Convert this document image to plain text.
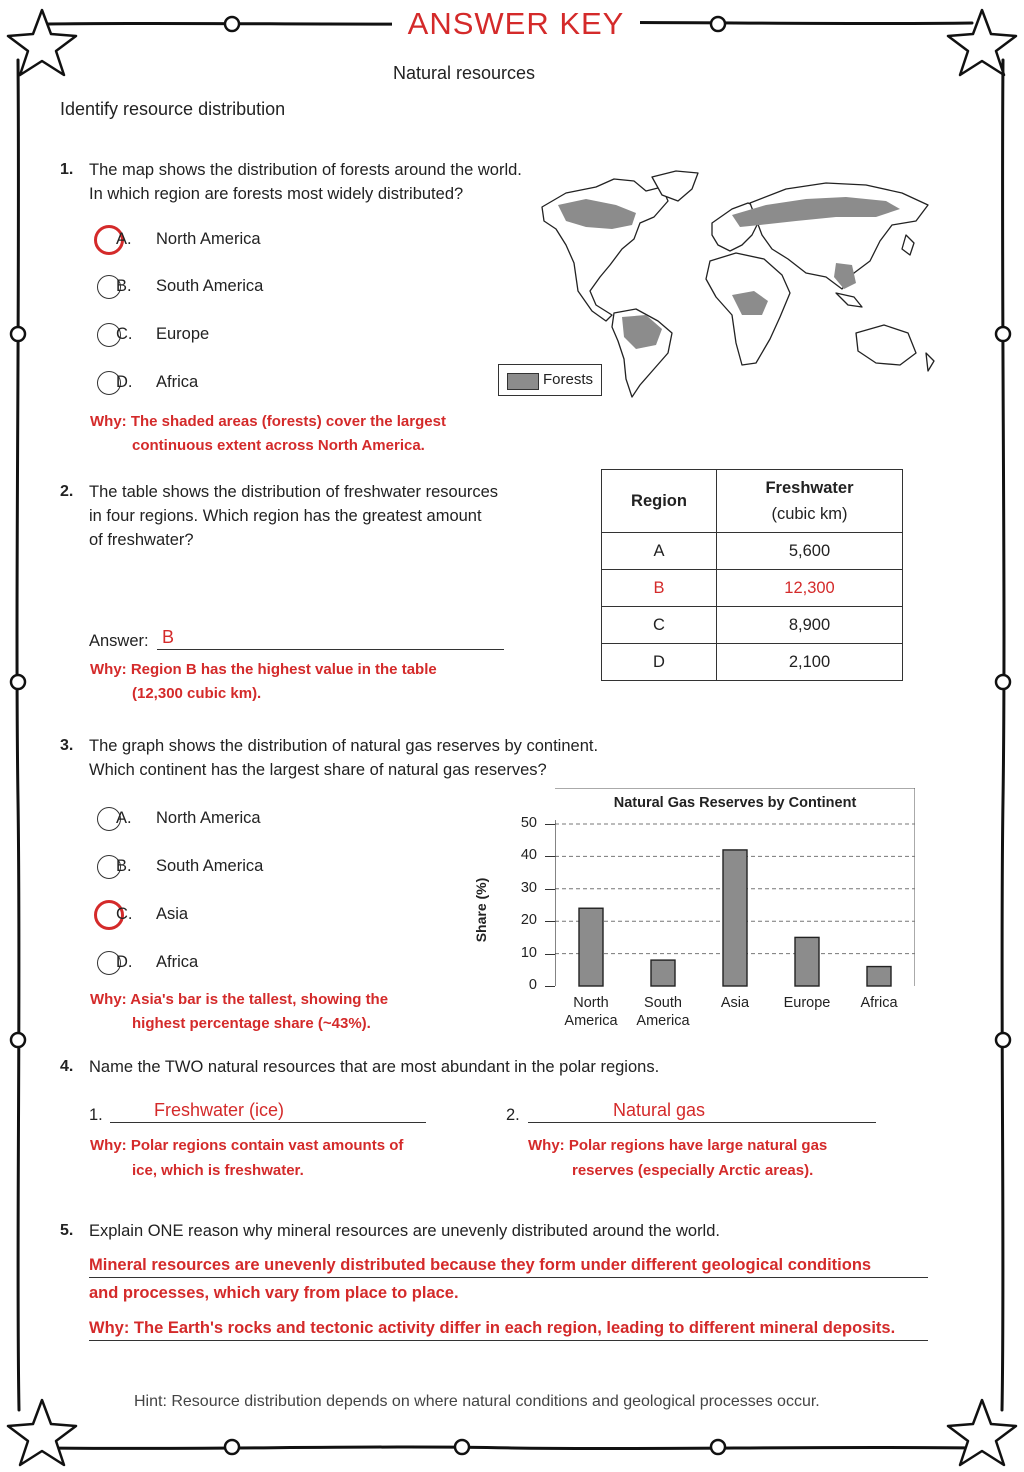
ANSWER KEY
Natural resources
Identify resource distribution
1. The map shows the distribution of forests around the world.
In which region are forests most widely distributed?
A. North America
B. South America
C. Europe
D. Africa
Why: The shaded areas (forests) cover the largest
continuous extent across North America.
Forests
2. The table shows the distribution of freshwater resources
in four regions. Which region has the greatest amount
of freshwater?
Answer: B
Why: Region B has the highest value in the table
(12,300 cubic km).
Region	Freshwater
(cubic km)
A	5,600
B	12,300
C	8,900
D	2,100
3. The graph shows the distribution of natural gas reserves by continent.
Which continent has the largest share of natural gas reserves?
A. North America
B. South America
C. Asia
D. Africa
Why: Asia's bar is the tallest, showing the
highest percentage share (~43%).
Share (%)
Natural Gas Reserves by Continent
North
America
South
America
Asia	Europe	Africa
4. Name the TWO natural resources that are most abundant in the polar regions.
1.	Freshwater (ice)
Why: Polar regions contain vast amounts of
ice, which is freshwater.
2.	Natural gas
Why: Polar regions have large natural gas
reserves (especially Arctic areas).
5. Explain ONE reason why mineral resources are unevenly distributed around the world.
Mineral resources are unevenly distributed because they form under different geological conditions
and processes, which vary from place to place.
Why: The Earth's rocks and tectonic activity differ in each region, leading to different mineral deposits.
Hint: Resource distribution depends on where natural conditions and geological processes occur.
0
10
20
30
40
50
